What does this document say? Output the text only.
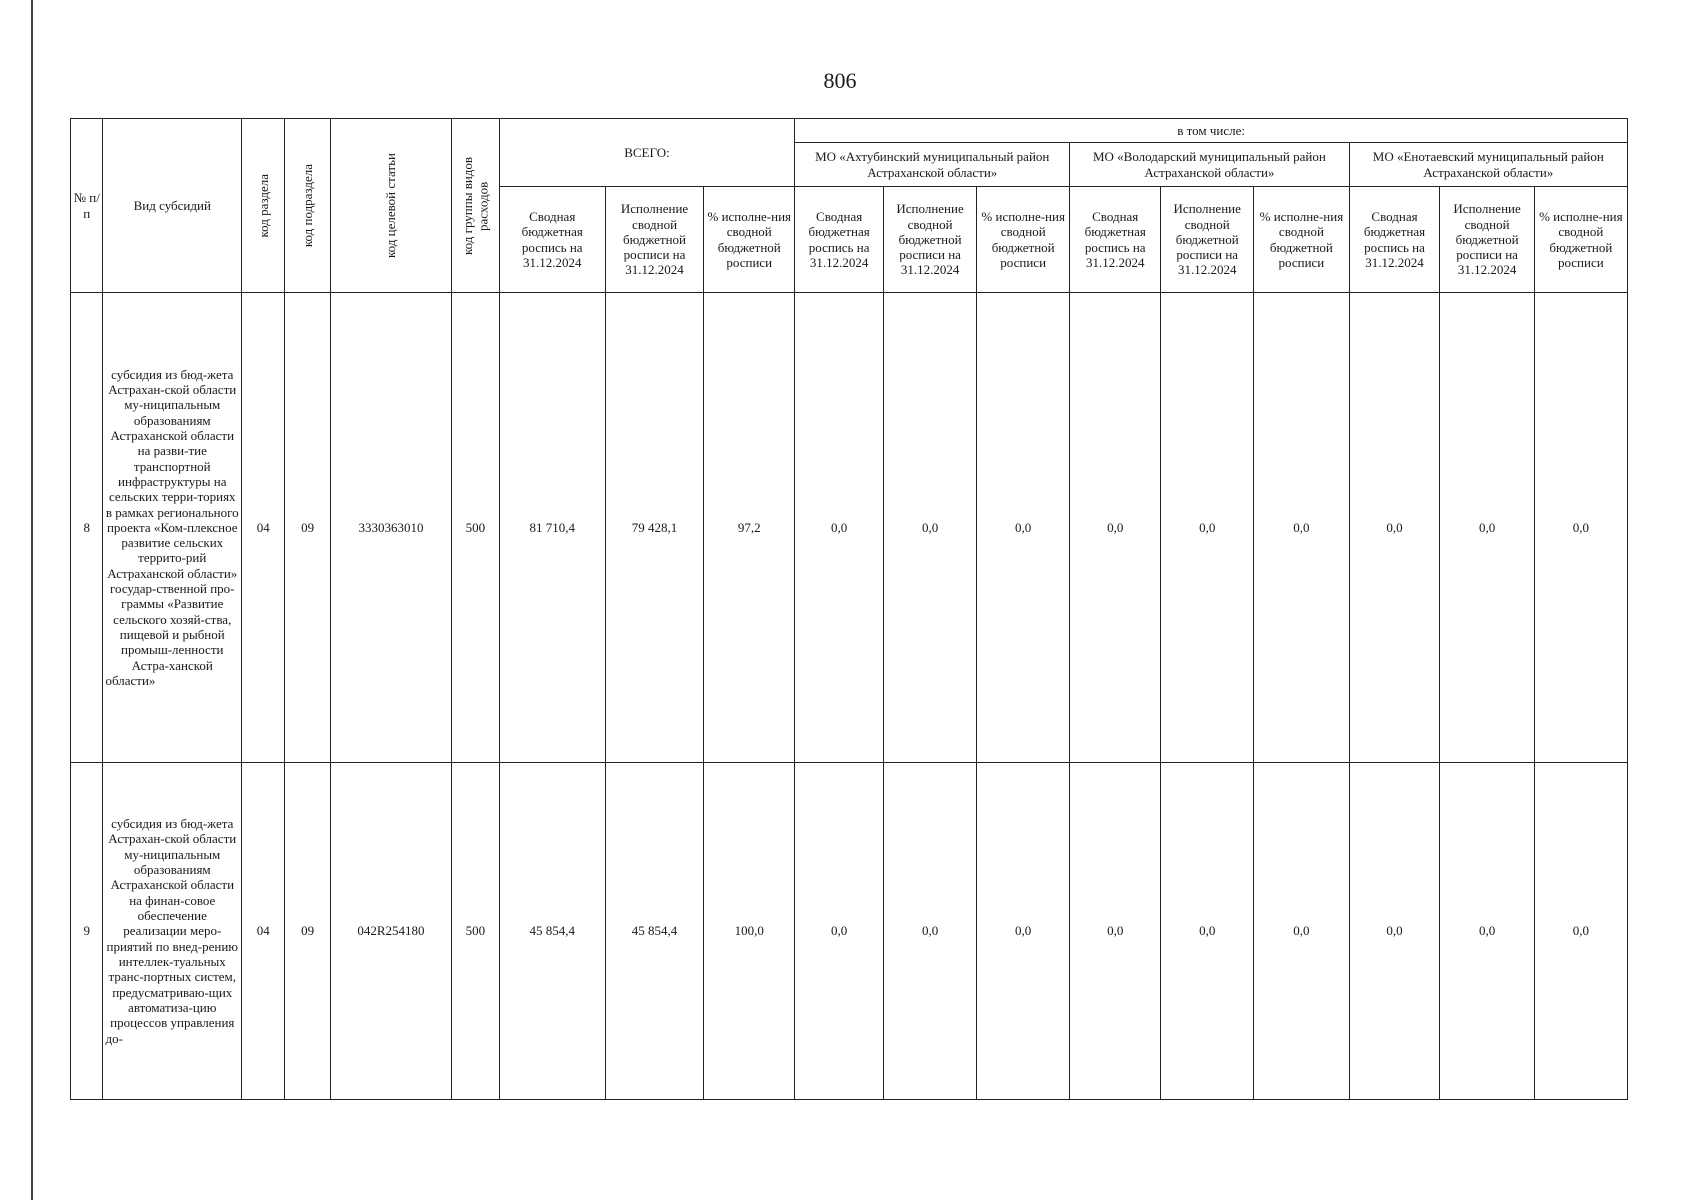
806
№ п/п	Вид субсидий	код раздела	код подраздела	код целевой статьи	код группы видов расходов	ВСЕГО:			в том числе:								
									МО «Ахтубинский муниципальный район Астраханской области»			МО «Володарский муниципальный район Астраханской области»			МО «Енотаевский муниципальный район Астраханской области»		
						Сводная бюджетная роспись на 31.12.2024	Исполнение сводной бюджетной росписи на 31.12.2024	% исполне-ния сводной бюджетной росписи	Сводная бюджетная роспись на 31.12.2024	Исполнение сводной бюджетной росписи на 31.12.2024	% исполне-ния сводной бюджетной росписи	Сводная бюджетная роспись на 31.12.2024	Исполнение сводной бюджетной росписи на 31.12.2024	% исполне-ния сводной бюджетной росписи	Сводная бюджетная роспись на 31.12.2024	Исполнение сводной бюджетной росписи на 31.12.2024	% исполне-ния сводной бюджетной росписи
8	субсидия из бюд-жета Астрахан-ской области му-ниципальным образованиям Астраханской области на разви-тие транспортной инфраструктуры на сельских терри-ториях в рамках регионального проекта «Ком-плексное развитие сельских террито-рий Астраханской области» государ-ственной про-граммы «Развитие сельского хозяй-ства, пищевой и рыбной промыш-ленности Астра-ханской области»	04	09	3330363010	500	81 710,4	79 428,1	97,2	0,0	0,0	0,0	0,0	0,0	0,0	0,0	0,0	0,0
9	субсидия из бюд-жета Астрахан-ской области му-ниципальным образованиям Астраханской области на финан-совое обеспечение реализации меро-приятий по внед-рению интеллек-туальных транс-портных систем, предусматриваю-щих автоматиза-цию процессов управления до-	04	09	042R254180	500	45 854,4	45 854,4	100,0	0,0	0,0	0,0	0,0	0,0	0,0	0,0	0,0	0,0
